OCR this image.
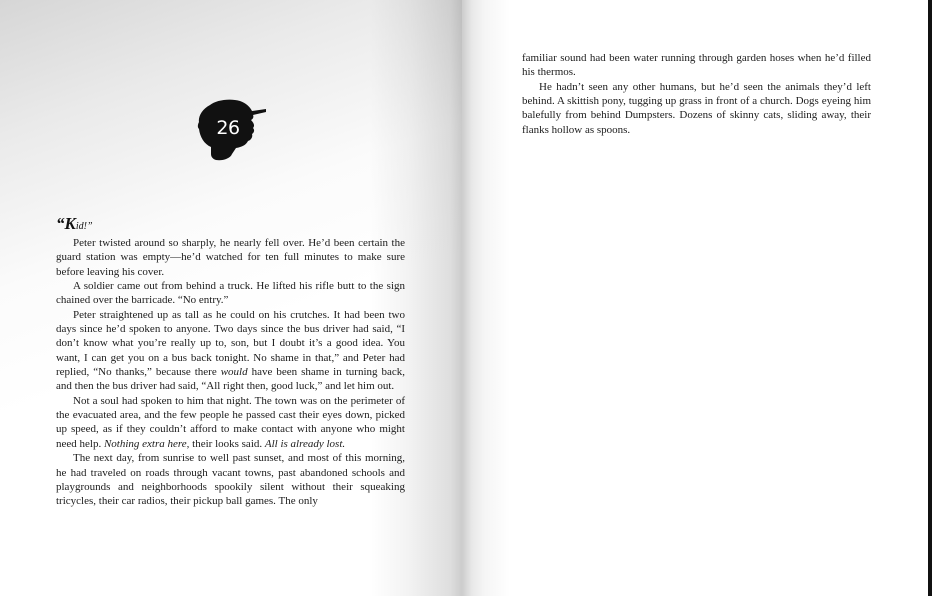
26
“Kid!”

Peter twisted around so sharply, he nearly fell over. He’d been certain the guard station was empty—he’d watched for ten full minutes to make sure before leaving his cover.

A soldier came out from behind a truck. He lifted his rifle butt to the sign chained over the barricade. “No entry.”

Peter straightened up as tall as he could on his crutches. It had been two days since he’d spoken to anyone. Two days since the bus driver had said, “I don’t know what you’re really up to, son, but I doubt it’s a good idea. You want, I can get you on a bus back tonight. No shame in that,” and Peter had replied, “No thanks,” because there would have been shame in turning back, and then the bus driver had said, “All right then, good luck,” and let him out.

Not a soul had spoken to him that night. The town was on the perimeter of the evacuated area, and the few people he passed cast their eyes down, picked up speed, as if they couldn’t afford to make contact with anyone who might need help. Nothing extra here, their looks said. All is already lost.

The next day, from sunrise to well past sunset, and most of this morning, he had traveled on roads through vacant towns, past abandoned schools and playgrounds and neighborhoods spookily silent without their squeaking tricycles, their car radios, their pickup ball games. The only

familiar sound had been water running through garden hoses when he’d filled his thermos.

He hadn’t seen any other humans, but he’d seen the animals they’d left behind. A skittish pony, tugging up grass in front of a church. Dogs eyeing him balefully from behind Dumpsters. Dozens of skinny cats, sliding away, their flanks hollow as spoons.
